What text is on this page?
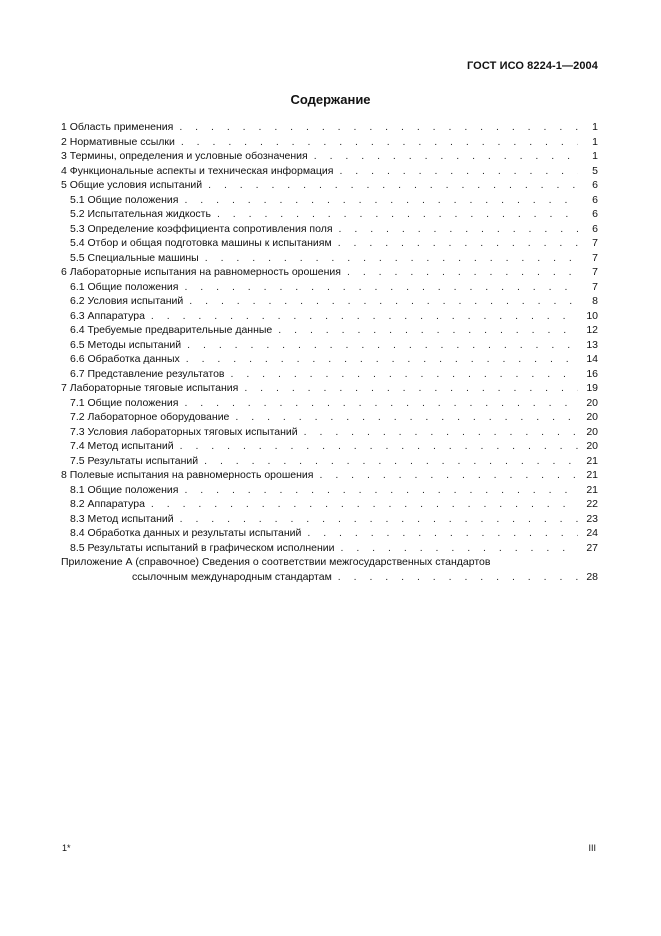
ГОСТ ИСО 8224-1—2004
Содержание
1 Область применения . . .	1
2 Нормативные ссылки . . .	1
3 Термины, определения и условные обозначения . . .	1
4 Функциональные аспекты и техническая информация . . .	5
5 Общие условия испытаний . . .	6
5.1 Общие положения . . .	6
5.2 Испытательная жидкость . . .	6
5.3 Определение коэффициента сопротивления поля . . .	6
5.4 Отбор и общая подготовка машины к испытаниям . . .	7
5.5 Специальные машины . . .	7
6 Лабораторные испытания на равномерность орошения . . .	7
6.1 Общие положения . . .	7
6.2 Условия испытаний . . .	8
6.3 Аппаратура . . .	10
6.4 Требуемые предварительные данные . . .	12
6.5 Методы испытаний . . .	13
6.6 Обработка данных . . .	14
6.7 Представление результатов . . .	16
7 Лабораторные тяговые испытания . . .	19
7.1 Общие положения . . .	20
7.2 Лабораторное оборудование . . .	20
7.3 Условия лабораторных тяговых испытаний . . .	20
7.4 Метод испытаний . . .	20
7.5 Результаты испытаний . . .	21
8 Полевые испытания на равномерность орошения . . .	21
8.1 Общие положения . . .	21
8.2 Аппаратура . . .	22
8.3 Метод испытаний . . .	23
8.4 Обработка данных и результаты испытаний . . .	24
8.5 Результаты испытаний в графическом исполнении . . .	27
Приложение А (справочное) Сведения о соответствии межгосударственных стандартов
ссылочным международным стандартам . . .	28
1*	III
